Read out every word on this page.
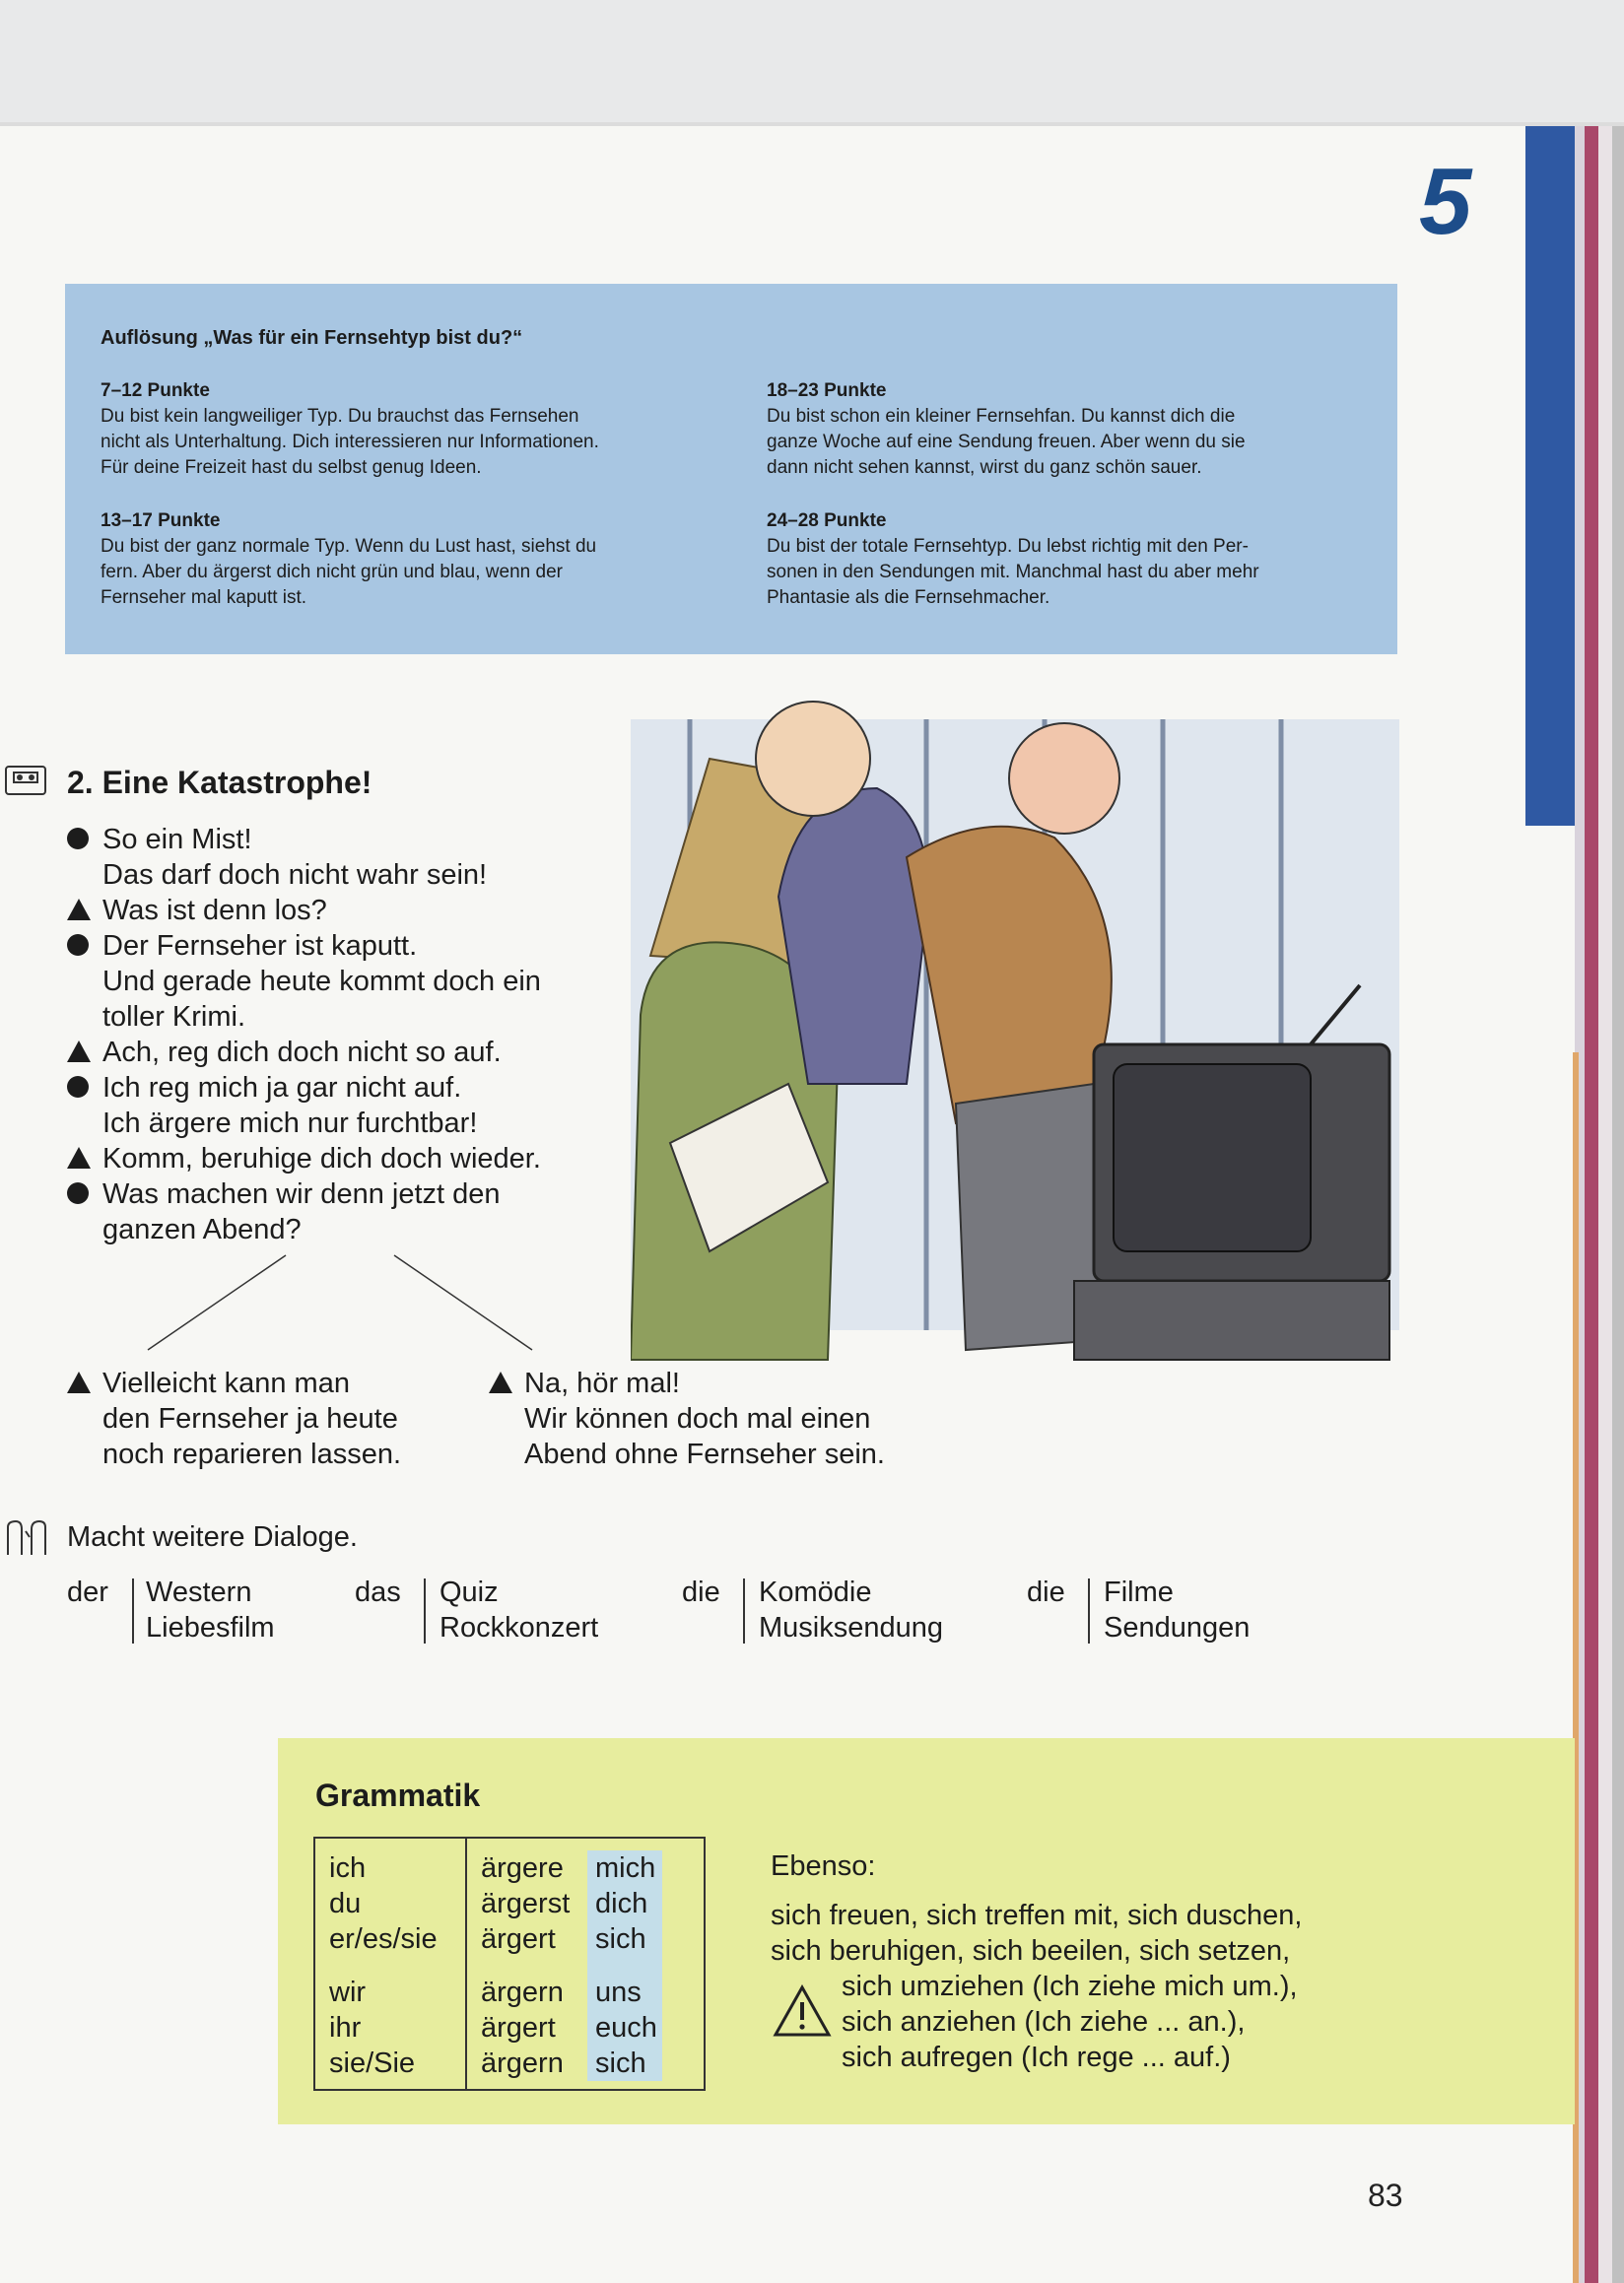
5
Auflösung „Was für ein Fernsehtyp bist du?“
7–12 Punkte
Du bist kein langweiliger Typ. Du brauchst das Fernsehen
nicht als Unterhaltung. Dich interessieren nur Informationen.
Für deine Freizeit hast du selbst genug Ideen.
18–23 Punkte
Du bist schon ein kleiner Fernsehfan. Du kannst dich die
ganze Woche auf eine Sendung freuen. Aber wenn du sie
dann nicht sehen kannst, wirst du ganz schön sauer.
13–17 Punkte
Du bist der ganz normale Typ. Wenn du Lust hast, siehst du
fern. Aber du ärgerst dich nicht grün und blau, wenn der
Fernseher mal kaputt ist.
24–28 Punkte
Du bist der totale Fernsehtyp. Du lebst richtig mit den Per-
sonen in den Sendungen mit. Manchmal hast du aber mehr
Phantasie als die Fernsehmacher.
2. Eine Katastrophe!
So ein Mist!
Das darf doch nicht wahr sein!
Was ist denn los?
Der Fernseher ist kaputt.
Und gerade heute kommt doch ein
toller Krimi.
Ach, reg dich doch nicht so auf.
Ich reg mich ja gar nicht auf.
Ich ärgere mich nur furchtbar!
Komm, beruhige dich doch wieder.
Was machen wir denn jetzt den
ganzen Abend?
Vielleicht kann man
den Fernseher ja heute
noch reparieren lassen.
Na, hör mal!
Wir können doch mal einen
Abend ohne Fernseher sein.
Macht weitere Dialoge.
der Western
Liebesfilm
das Quiz
Rockkonzert
die Komödie
Musiksendung
die Filme
Sendungen
Grammatik
ich
du
er/es/sie
wir
ihr
sie/Sie
ärgere
ärgerst
ärgert
ärgern
ärgert
ärgern
mich
dich
sich
uns
euch
sich
Ebenso:
sich freuen, sich treffen mit, sich duschen,
sich beruhigen, sich beeilen, sich setzen,
sich umziehen (Ich ziehe mich um.),
sich anziehen (Ich ziehe ... an.),
sich aufregen (Ich rege ... auf.)
83
